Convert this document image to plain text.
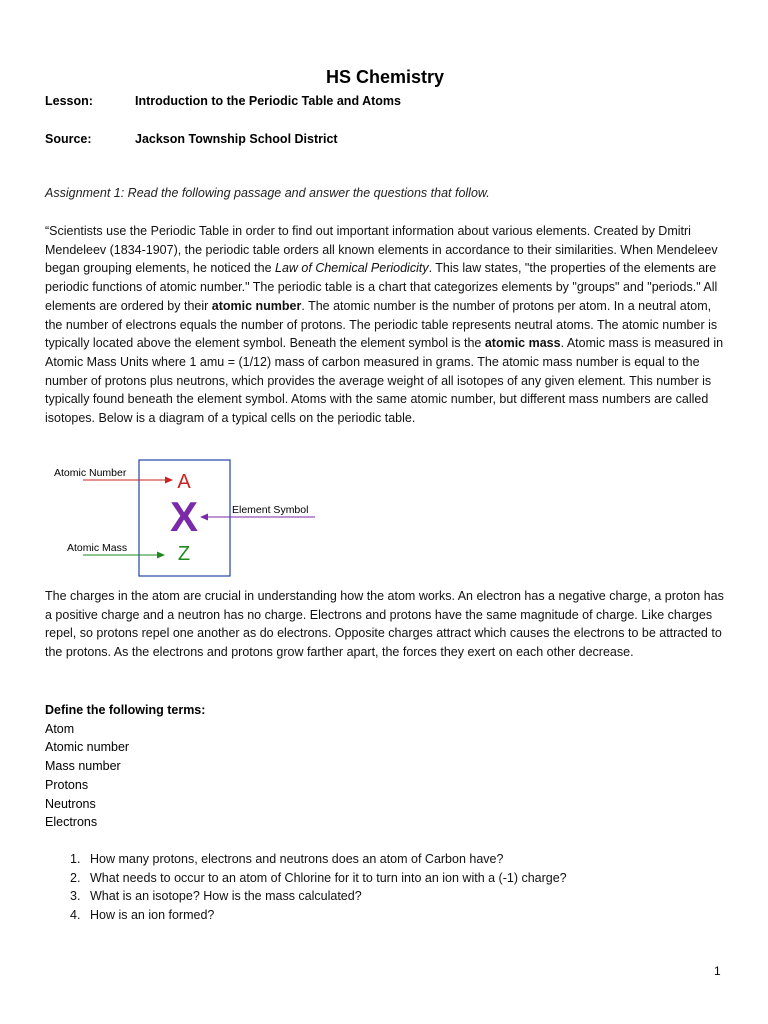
HS Chemistry
Lesson:	Introduction to the Periodic Table and Atoms
Source:	Jackson Township School District
Assignment 1: Read the following passage and answer the questions that follow.
“Scientists use the Periodic Table in order to find out important information about various elements. Created by Dmitri Mendeleev (1834-1907), the periodic table orders all known elements in accordance to their similarities. When Mendeleev began grouping elements, he noticed the Law of Chemical Periodicity. This law states, "the properties of the elements are periodic functions of atomic number." The periodic table is a chart that categorizes elements by "groups" and "periods." All elements are ordered by their atomic number. The atomic number is the number of protons per atom. In a neutral atom, the number of electrons equals the number of protons. The periodic table represents neutral atoms. The atomic number is typically located above the element symbol. Beneath the element symbol is the atomic mass. Atomic mass is measured in Atomic Mass Units where 1 amu = (1/12) mass of carbon measured in grams. The atomic mass number is equal to the number of protons plus neutrons, which provides the average weight of all isotopes of any given element. This number is typically found beneath the element symbol. Atoms with the same atomic number, but different mass numbers are called isotopes. Below is a diagram of a typical cells on the periodic table.
A
X
Z
Atomic Number
Element Symbol
Atomic Mass
The charges in the atom are crucial in understanding how the atom works. An electron has a negative charge, a proton has a positive charge and a neutron has no charge. Electrons and protons have the same magnitude of charge. Like charges repel, so protons repel one another as do electrons. Opposite charges attract which causes the electrons to be attracted to the protons. As the electrons and protons grow farther apart, the forces they exert on each other decrease.
Define the following terms:
Atom
Atomic number
Mass number
Protons
Neutrons
Electrons
1. How many protons, electrons and neutrons does an atom of Carbon have?
2. What needs to occur to an atom of Chlorine for it to turn into an ion with a (-1) charge?
3. What is an isotope? How is the mass calculated?
4. How is an ion formed?
1
